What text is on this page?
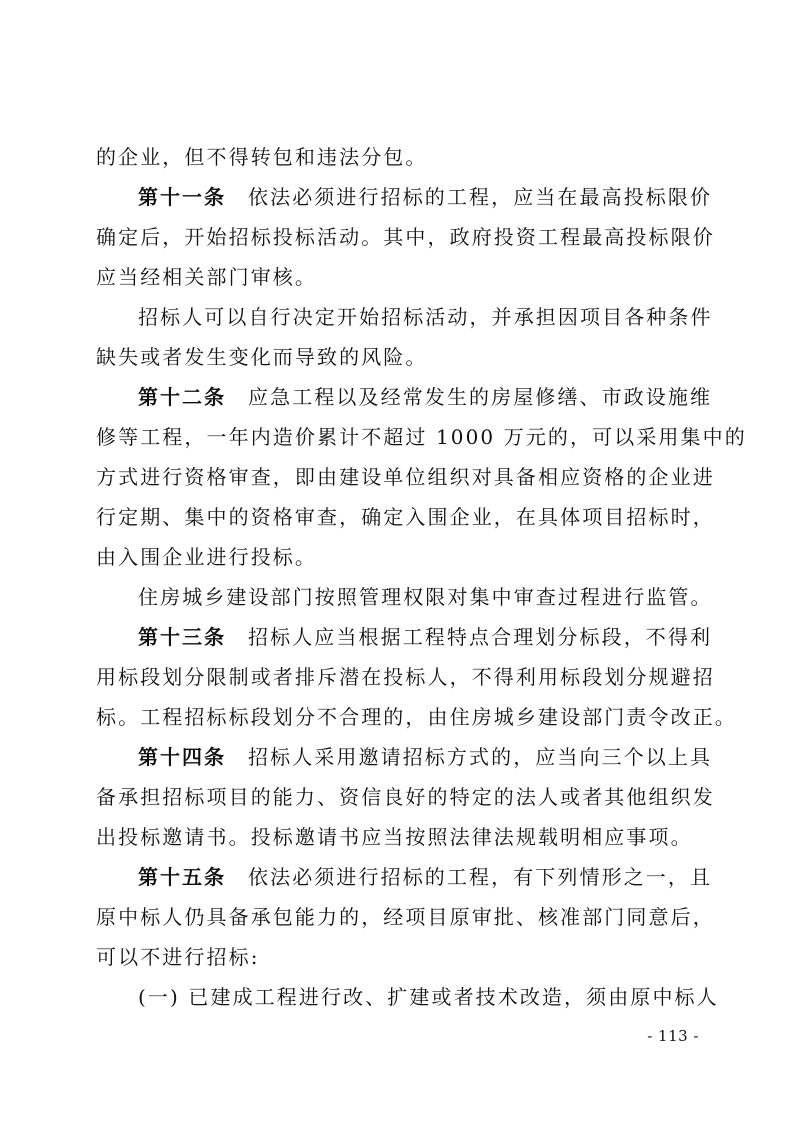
的企业，但不得转包和违法分包。
第十一条 依法必须进行招标的工程，应当在最高投标限价
确定后，开始招标投标活动。其中，政府投资工程最高投标限价
应当经相关部门审核。
招标人可以自行决定开始招标活动，并承担因项目各种条件
缺失或者发生变化而导致的风险。
第十二条 应急工程以及经常发生的房屋修缮、市政设施维
修等工程，一年内造价累计不超过 1000 万元的，可以采用集中的
方式进行资格审查，即由建设单位组织对具备相应资格的企业进
行定期、集中的资格审查，确定入围企业，在具体项目招标时，
由入围企业进行投标。
住房城乡建设部门按照管理权限对集中审查过程进行监管。
第十三条 招标人应当根据工程特点合理划分标段，不得利
用标段划分限制或者排斥潜在投标人，不得利用标段划分规避招
标。工程招标标段划分不合理的，由住房城乡建设部门责令改正。
第十四条 招标人采用邀请招标方式的，应当向三个以上具
备承担招标项目的能力、资信良好的特定的法人或者其他组织发
出投标邀请书。投标邀请书应当按照法律法规载明相应事项。
第十五条 依法必须进行招标的工程，有下列情形之一，且
原中标人仍具备承包能力的，经项目原审批、核准部门同意后，
可以不进行招标:
(一) 已建成工程进行改、扩建或者技术改造，须由原中标人
- 113 -
